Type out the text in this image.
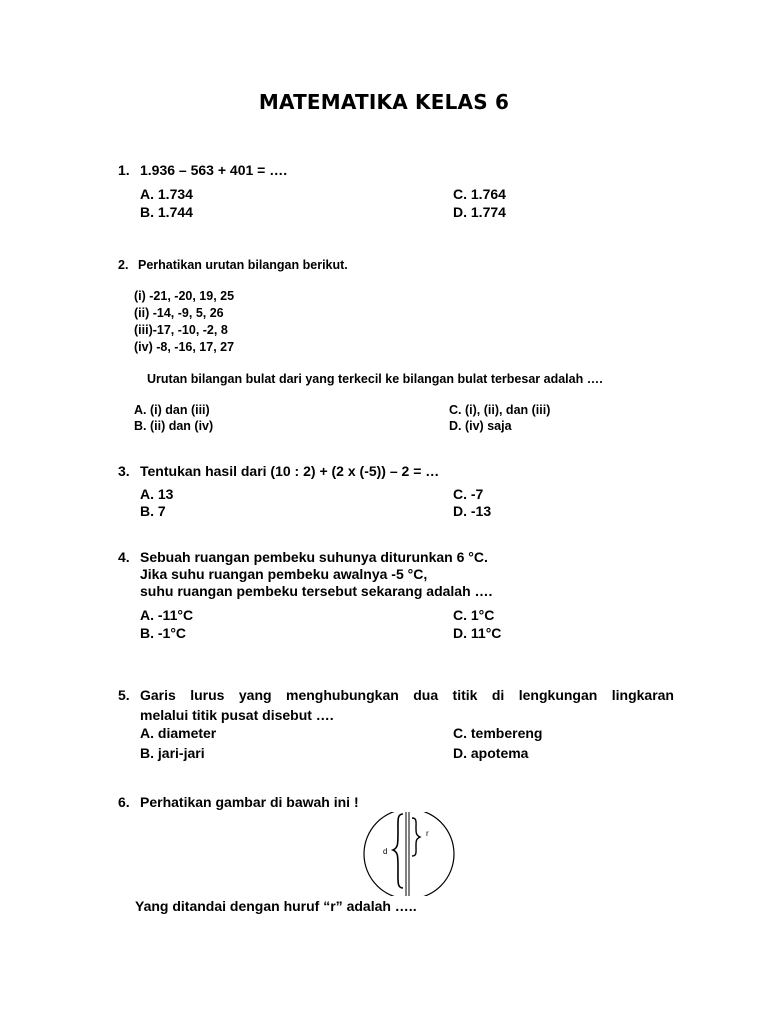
MATEMATIKA KELAS 6
1. 1.936 – 563 + 401 = ….
A. 1.734
B. 1.744
C. 1.764
D. 1.774
2. Perhatikan urutan bilangan berikut.
(i) -21, -20, 19, 25
(ii) -14, -9, 5, 26
(iii)-17, -10, -2, 8
(iv) -8, -16, 17, 27
Urutan bilangan bulat dari yang terkecil ke bilangan bulat terbesar adalah ….
A. (i) dan (iii)
B. (ii) dan (iv)
C. (i), (ii), dan (iii)
D. (iv) saja
3. Tentukan hasil dari (10 : 2) + (2 x (-5)) – 2 = …
A. 13
B. 7
C. -7
D. -13
4. Sebuah ruangan pembeku suhunya diturunkan 6 °C.
Jika suhu ruangan pembeku awalnya -5 °C,
suhu ruangan pembeku tersebut sekarang adalah ….
A. -11°C
B. -1°C
C. 1°C
D. 11°C
5. Garis lurus yang menghubungkan dua titik di lengkungan lingkaran
melalui titik pusat disebut ….
A. diameter
B. jari-jari
C. tembereng
D. apotema
6. Perhatikan gambar di bawah ini !
d
r
Yang ditandai dengan huruf “r” adalah …..
